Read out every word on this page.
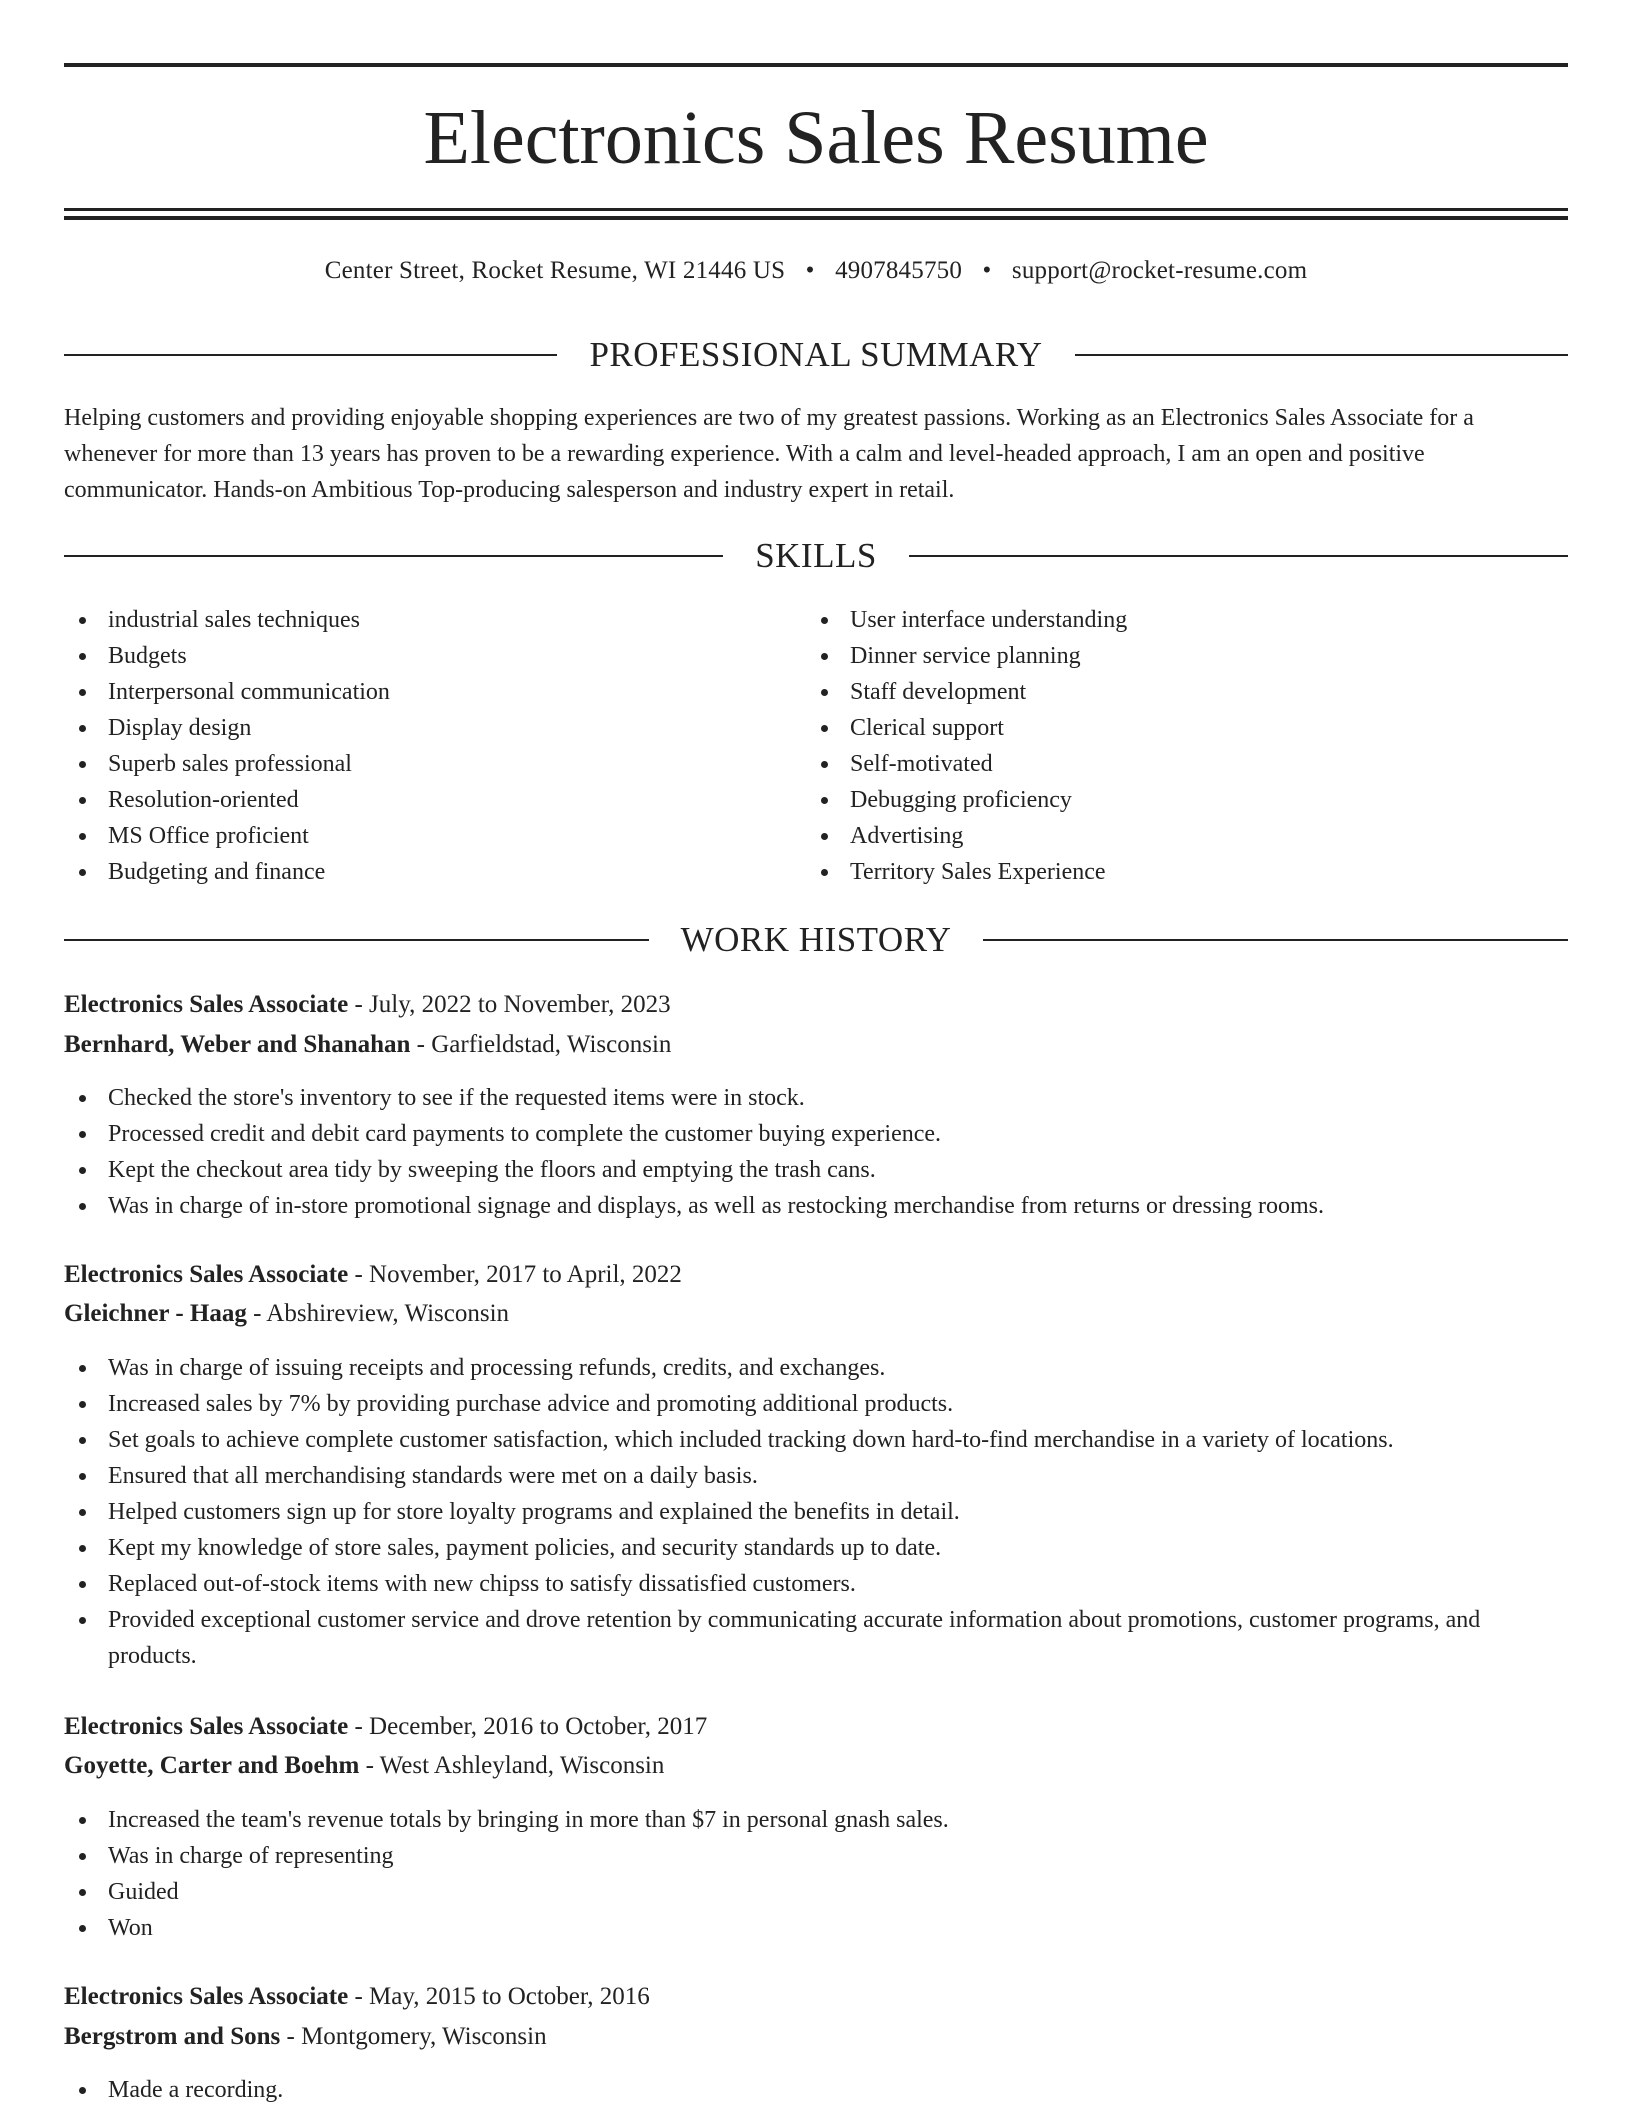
Electronics Sales Resume
Center Street, Rocket Resume, WI 21446 US • 4907845750 • support@rocket-resume.com
PROFESSIONAL SUMMARY

Helping customers and providing enjoyable shopping experiences are two of my greatest passions. Working as an Electronics Sales Associate for a whenever for more than 13 years has proven to be a rewarding experience. With a calm and level-headed approach, I am an open and positive communicator. Hands-on Ambitious Top-producing salesperson and industry expert in retail.

SKILLS
industrial sales techniques
Budgets
Interpersonal communication
Display design
Superb sales professional
Resolution-oriented
MS Office proficient
Budgeting and finance
User interface understanding
Dinner service planning
Staff development
Clerical support
Self-motivated
Debugging proficiency
Advertising
Territory Sales Experience
WORK HISTORY
Electronics Sales Associate - July, 2022 to November, 2023
Bernhard, Weber and Shanahan - Garfieldstad, Wisconsin
Checked the store's inventory to see if the requested items were in stock.
Processed credit and debit card payments to complete the customer buying experience.
Kept the checkout area tidy by sweeping the floors and emptying the trash cans.
Was in charge of in-store promotional signage and displays, as well as restocking merchandise from returns or dressing rooms.
Electronics Sales Associate - November, 2017 to April, 2022
Gleichner - Haag - Abshireview, Wisconsin
Was in charge of issuing receipts and processing refunds, credits, and exchanges.
Increased sales by 7% by providing purchase advice and promoting additional products.
Set goals to achieve complete customer satisfaction, which included tracking down hard-to-find merchandise in a variety of locations.
Ensured that all merchandising standards were met on a daily basis.
Helped customers sign up for store loyalty programs and explained the benefits in detail.
Kept my knowledge of store sales, payment policies, and security standards up to date.
Replaced out-of-stock items with new chipss to satisfy dissatisfied customers.
Provided exceptional customer service and drove retention by communicating accurate information about promotions, customer programs, and products.
Electronics Sales Associate - December, 2016 to October, 2017
Goyette, Carter and Boehm - West Ashleyland, Wisconsin
Increased the team's revenue totals by bringing in more than $7 in personal gnash sales.
Was in charge of representing
Guided
Won
Electronics Sales Associate - May, 2015 to October, 2016
Bergstrom and Sons - Montgomery, Wisconsin
Made a recording.
